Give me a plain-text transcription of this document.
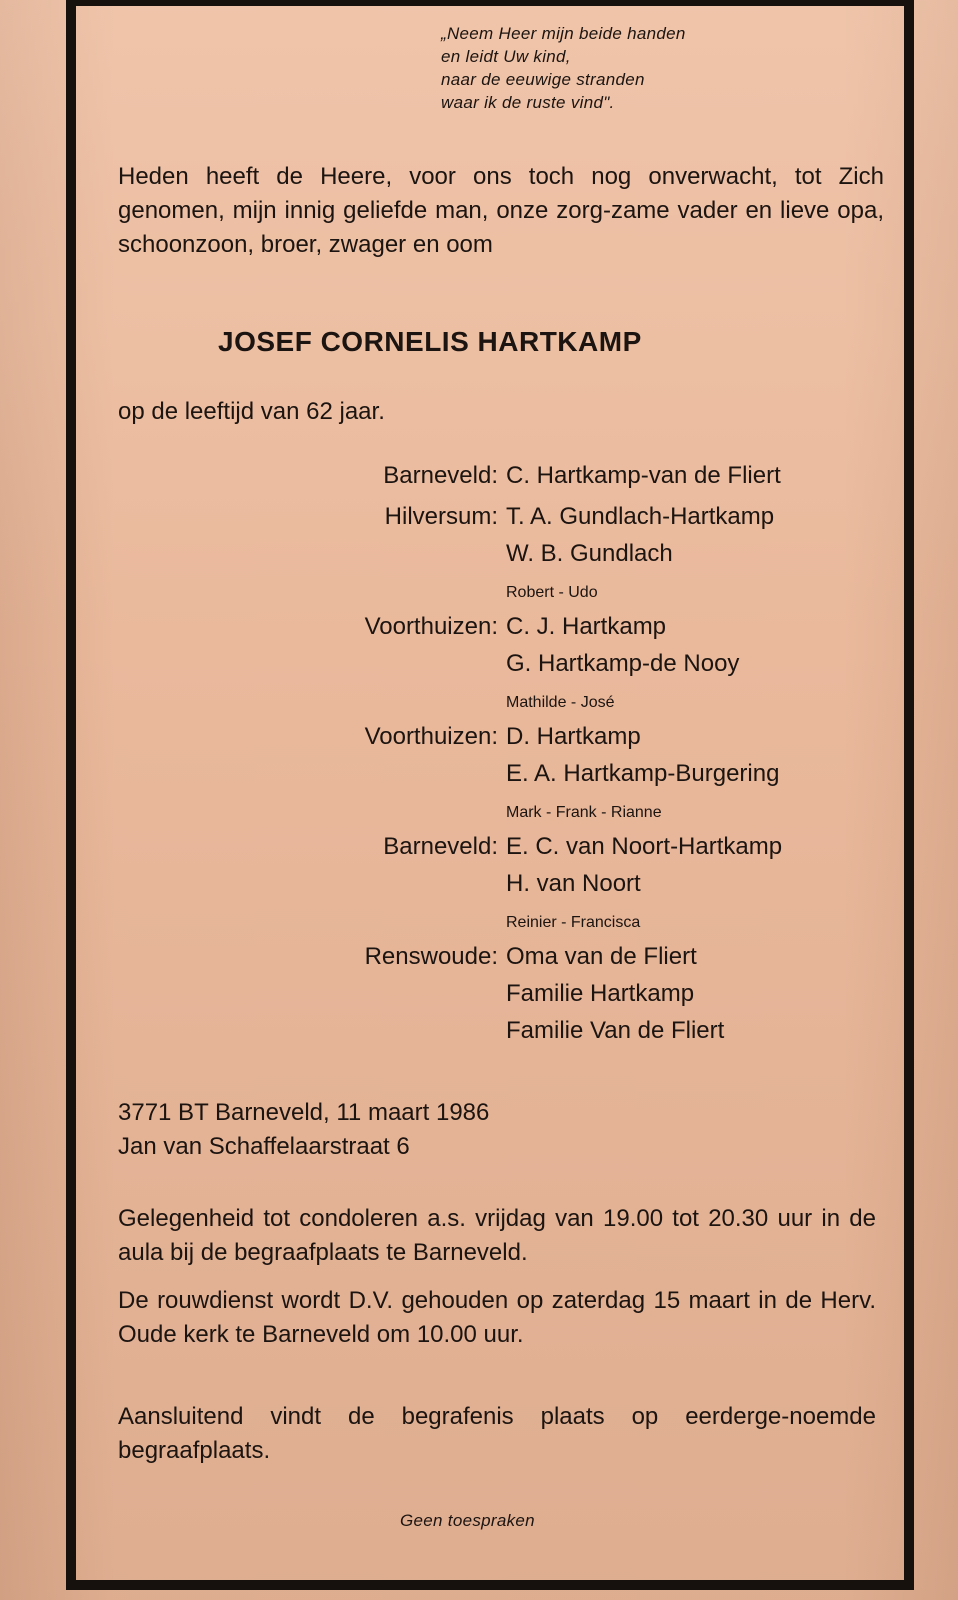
„Neem Heer mijn beide handen
en leidt Uw kind,
naar de eeuwige stranden
waar ik de ruste vind".
Heden heeft de Heere, voor ons toch nog onverwacht, tot Zich genomen, mijn innig geliefde man, onze zorg-zame vader en lieve opa, schoonzoon, broer, zwager en oom
JOSEF CORNELIS HARTKAMP
op de leeftijd van 62 jaar.
Barneveld: C. Hartkamp-van de Fliert
Hilversum: T. A. Gundlach-Hartkamp
W. B. Gundlach
Robert - Udo
Voorthuizen: C. J. Hartkamp
G. Hartkamp-de Nooy
Mathilde - José
Voorthuizen: D. Hartkamp
E. A. Hartkamp-Burgering
Mark - Frank - Rianne
Barneveld: E. C. van Noort-Hartkamp
H. van Noort
Reinier - Francisca
Renswoude: Oma van de Fliert
Familie Hartkamp
Familie Van de Fliert
3771 BT Barneveld, 11 maart 1986
Jan van Schaffelaarstraat 6
Gelegenheid tot condoleren a.s. vrijdag van 19.00 tot 20.30 uur in de aula bij de begraafplaats te Barneveld.
De rouwdienst wordt D.V. gehouden op zaterdag 15 maart in de Herv. Oude kerk te Barneveld om 10.00 uur.
Aansluitend vindt de begrafenis plaats op eerderge-noemde begraafplaats.
Geen toespraken
